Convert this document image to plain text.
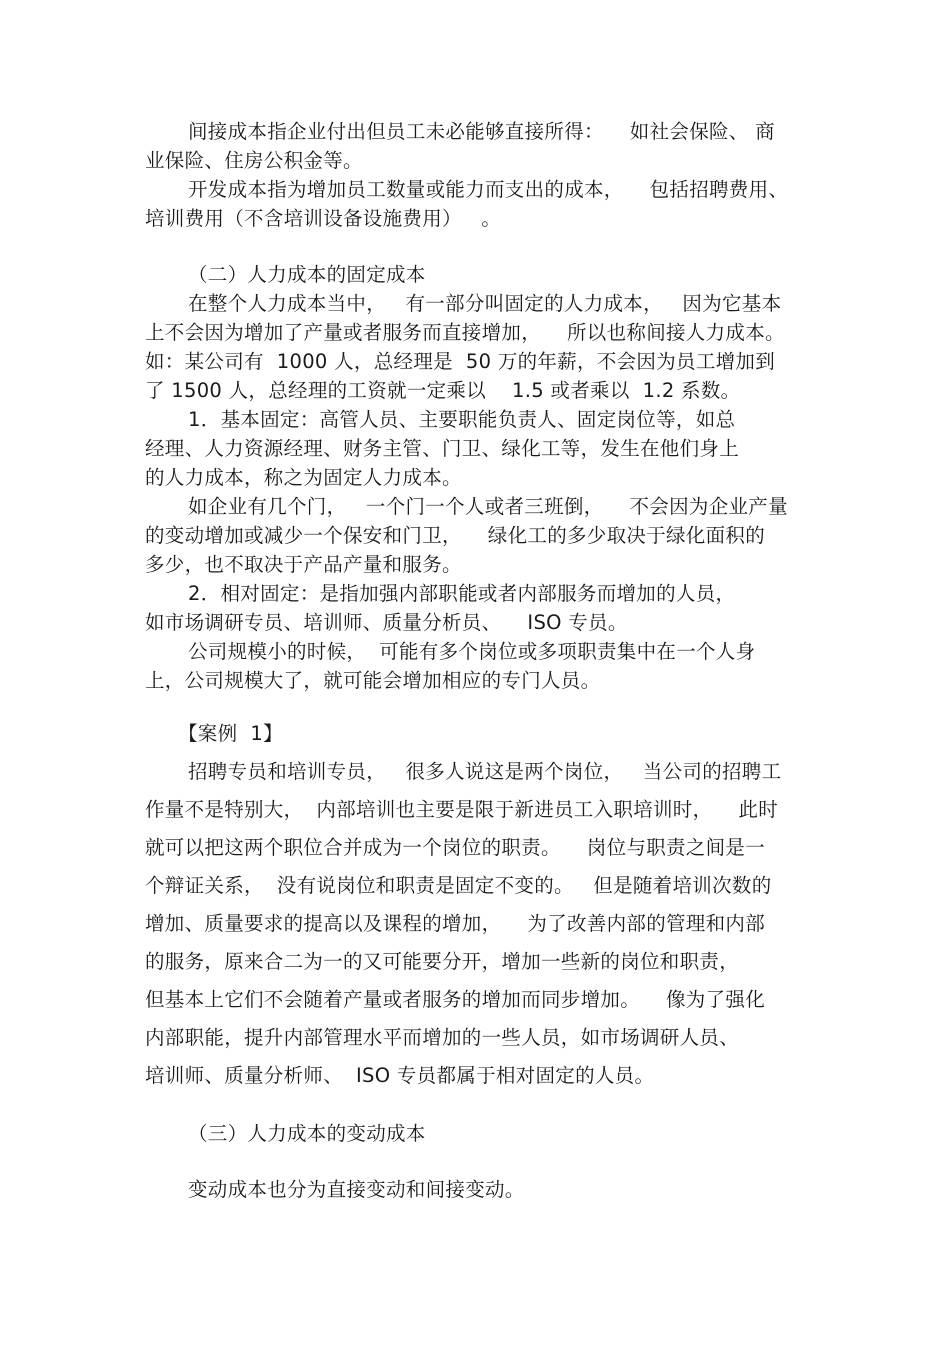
间接成本指企业付出但员工未必能够直接所得：    如社会保险、 商
业保险、住房公积金等。
开发成本指为增加员工数量或能力而支出的成本，    包括招聘费用、
培训费用（不含培训设备设施费用）   。
（二）人力成本的固定成本
在整个人力成本当中，   有一部分叫固定的人力成本，   因为它基本
上不会因为增加了产量或者服务而直接增加，    所以也称间接人力成本。
如：某公司有  1000 人，总经理是  50 万的年薪，不会因为员工增加到
了 1500 人，总经理的工资就一定乘以    1.5 或者乘以  1.2 系数。
1．基本固定：高管人员、主要职能负责人、固定岗位等，如总
经理、人力资源经理、财务主管、门卫、绿化工等，发生在他们身上
的人力成本，称之为固定人力成本。
如企业有几个门，   一个门一个人或者三班倒，    不会因为企业产量
的变动增加或减少一个保安和门卫，    绿化工的多少取决于绿化面积的
多少，也不取决于产品产量和服务。
2．相对固定：是指加强内部职能或者内部服务而增加的人员，
如市场调研专员、培训师、质量分析员、    ISO 专员。
公司规模小的时候，  可能有多个岗位或多项职责集中在一个人身
上，公司规模大了，就可能会增加相应的专门人员。
【案例  1】
招聘专员和培训专员，   很多人说这是两个岗位，   当公司的招聘工
作量不是特别大，  内部培训也主要是限于新进员工入职培训时，    此时
就可以把这两个职位合并成为一个岗位的职责。    岗位与职责之间是一
个辩证关系，  没有说岗位和职责是固定不变的。   但是随着培训次数的
增加、质量要求的提高以及课程的增加，    为了改善内部的管理和内部
的服务，原来合二为一的又可能要分开，增加一些新的岗位和职责，
但基本上它们不会随着产量或者服务的增加而同步增加。    像为了强化
内部职能，提升内部管理水平而增加的一些人员，如市场调研人员、
培训师、质量分析师、  ISO 专员都属于相对固定的人员。
（三）人力成本的变动成本
变动成本也分为直接变动和间接变动。
